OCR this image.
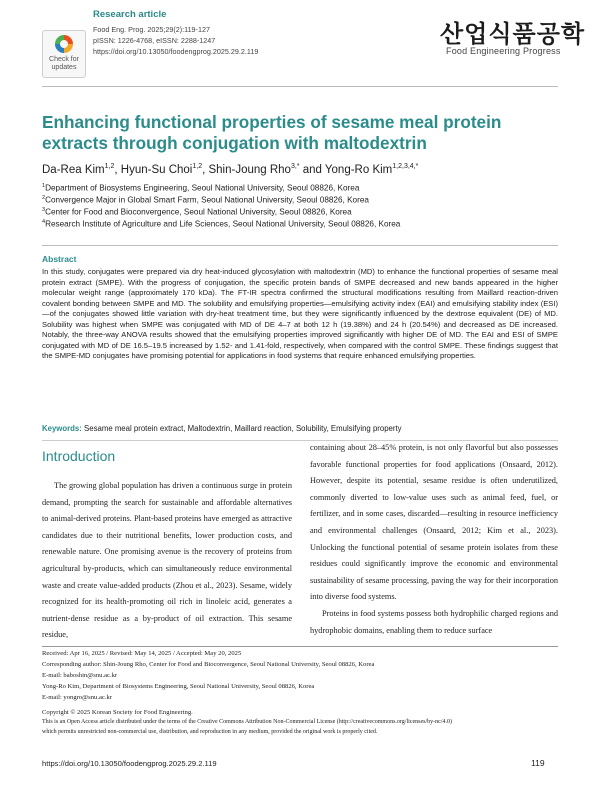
Check for updates
Research article
Food Eng. Prog. 2025;29(2):119-127
pISSN: 1226-4768, eISSN: 2288-1247
https://doi.org/10.13050/foodengprog.2025.29.2.119
산업식품공학
Food Engineering Progress
Enhancing functional properties of sesame meal protein extracts through conjugation with maltodextrin
Da-Rea Kim$^{1,2}$, Hyun-Su Choi$^{1,2}$, Shin-Joung Rho$^{3,*}$ and Yong-Ro Kim$^{1,2,3,4,*}$
$^1$Department of Biosystems Engineering, Seoul National University, Seoul 08826, Korea
$^2$Convergence Major in Global Smart Farm, Seoul National University, Seoul 08826, Korea
$^3$Center for Food and Bioconvergence, Seoul National University, Seoul 08826, Korea
$^4$Research Institute of Agriculture and Life Sciences, Seoul National University, Seoul 08826, Korea
Abstract
In this study, conjugates were prepared via dry heat-induced glycosylation with maltodextrin (MD) to enhance the functional properties of sesame meal protein extract (SMPE). With the progress of conjugation, the specific protein bands of SMPE decreased and new bands appeared in the higher molecular weight range (approximately 170 kDa). The FT-IR spectra confirmed the structural modifications resulting from Maillard reaction-driven covalent bonding between SMPE and MD. The solubility and emulsifying properties—emulsifying activity index (EAI) and emulsifying stability index (ESI)—of the conjugates showed little variation with dry-heat treatment time, but they were significantly influenced by the dextrose equivalent (DE) of MD. Solubility was highest when SMPE was conjugated with MD of DE 4–7 at both 12 h (19.38%) and 24 h (20.54%) and decreased as DE increased. Notably, the three-way ANOVA results showed that the emulsifying properties improved significantly with higher DE of MD. The EAI and ESI of SMPE conjugated with MD of DE 16.5–19.5 increased by 1.52- and 1.41-fold, respectively, when compared with the control SMPE. These findings suggest that the SMPE-MD conjugates have promising potential for applications in food systems that require enhanced emulsifying properties.
Keywords: Sesame meal protein extract, Maltodextrin, Maillard reaction, Solubility, Emulsifying property
Introduction

The growing global population has driven a continuous surge in protein demand, prompting the search for sustainable and affordable alternatives to animal-derived proteins. Plant-based proteins have emerged as attractive candidates due to their nutritional benefits, lower production costs, and renewable nature. One promising avenue is the recovery of proteins from agricultural by-products, which can simultaneously reduce environmental waste and create value-added products (Zhou et al., 2023). Sesame, widely recognized for its health-promoting oil rich in linoleic acid, generates a nutrient-dense residue as a by-product of oil extraction. This sesame residue,

containing about 28–45% protein, is not only flavorful but also possesses favorable functional properties for food applications (Onsaard, 2012). However, despite its potential, sesame residue is often underutilized, commonly diverted to low-value uses such as animal feed, fuel, or fertilizer, and in some cases, discarded—resulting in resource inefficiency and environmental challenges (Onsaard, 2012; Kim et al., 2023). Unlocking the functional potential of sesame protein isolates from these residues could significantly improve the economic and environmental sustainability of sesame processing, paving the way for their incorporation into diverse food systems.

Proteins in food systems possess both hydrophilic charged regions and hydrophobic domains, enabling them to reduce surface

Received: Apr 16, 2025 / Revised: May 14, 2025 / Accepted: May 20, 2025
Corresponding author: Shin-Joung Rho, Center for Food and Bioconvergence, Seoul National University, Seoul 08826, Korea
E-mail: baboshin@snu.ac.kr
Yong-Ro Kim, Department of Biosystems Engineering, Seoul National University, Seoul 08826, Korea
E-mail: yongro@snu.ac.kr
Copyright © 2025 Korean Society for Food Engineering.
This is an Open Access article distributed under the terms of the Creative Commons Attribution Non-Commercial License (http://creativecommons.org/licenses/by-nc/4.0)
which permits unrestricted non-commercial use, distribution, and reproduction in any medium, provided the original work is properly cited.
https://doi.org/10.13050/foodengprog.2025.29.2.119	119
